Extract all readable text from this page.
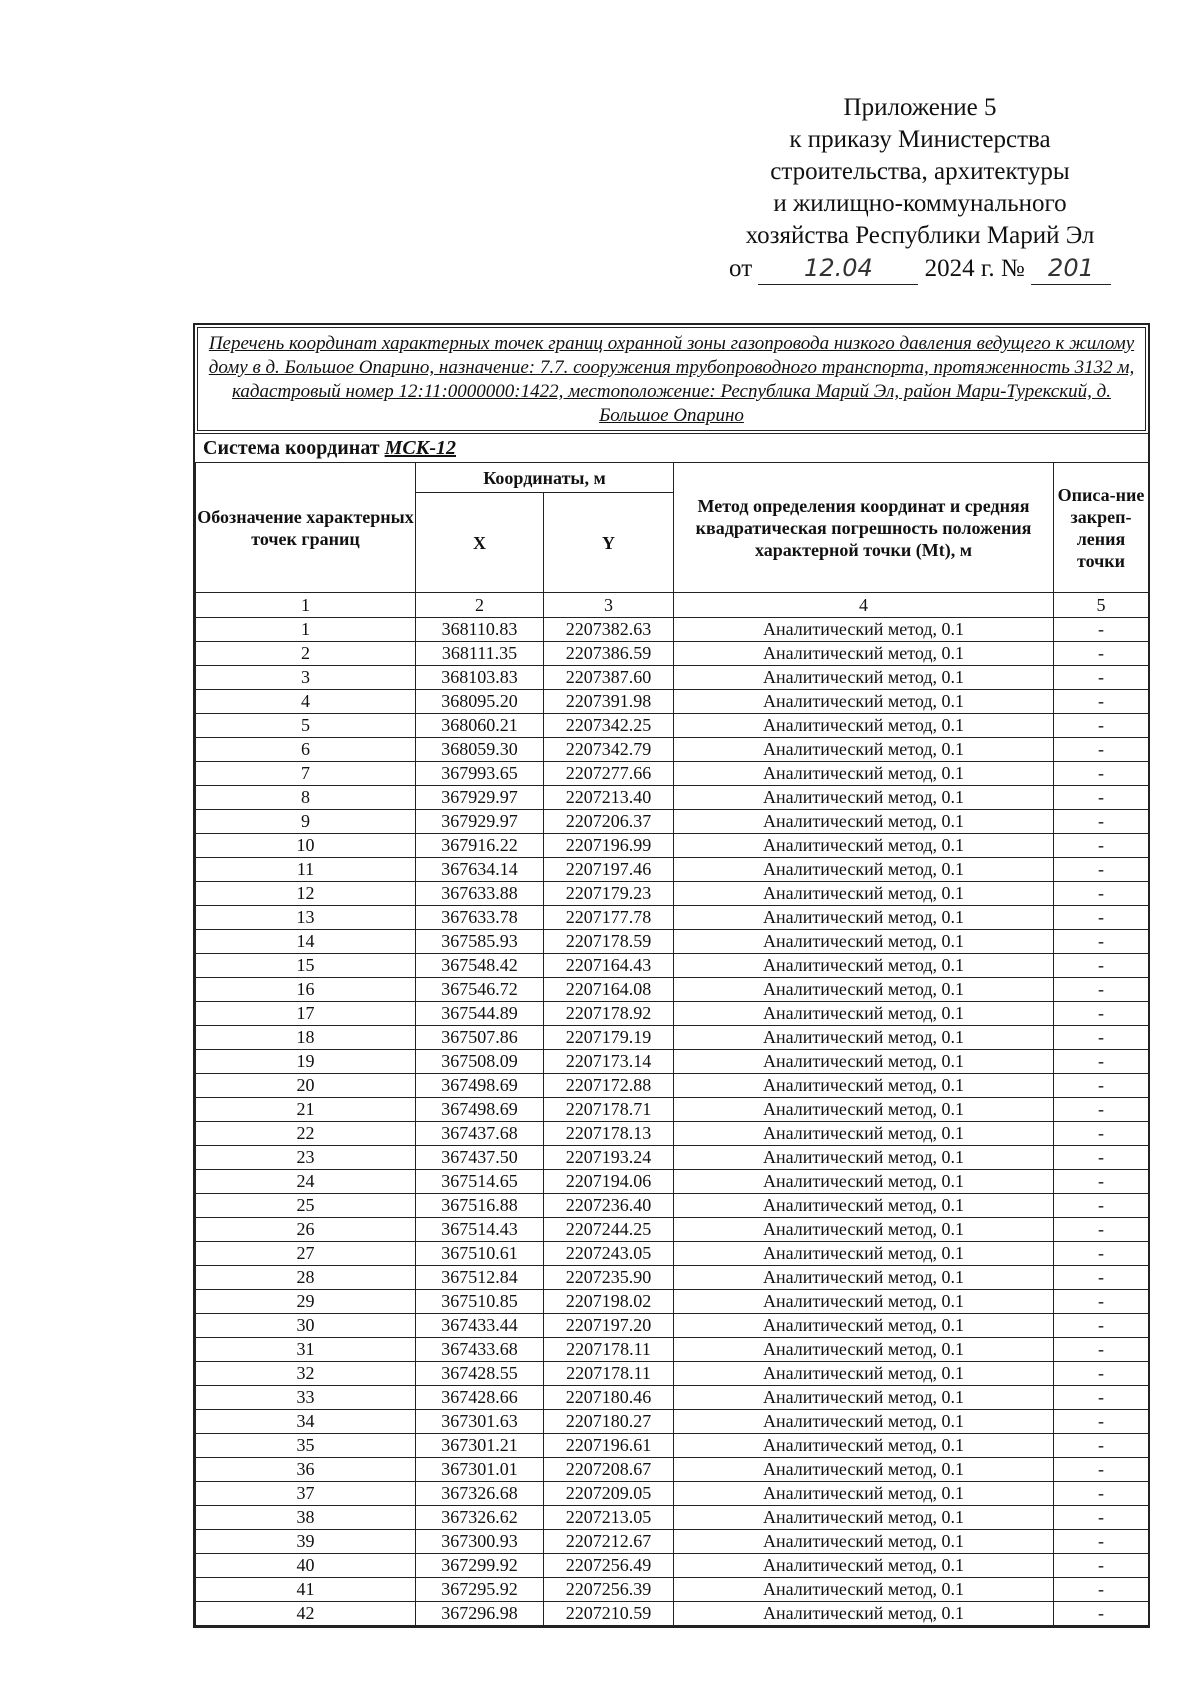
Приложение 5
к приказу Министерства
строительства, архитектуры
и жилищно-коммунального
хозяйства Республики Марий Эл
от 12.04 2024 г. № 201
Перечень координат характерных точек границ охранной зоны газопровода низкого давления ведущего к жилому дому в д. Большое Опарино, назначение: 7.7. сооружения трубопроводного транспорта, протяженность 3132 м, кадастровый номер 12:11:0000000:1422, местоположение: Республика Марий Эл, район Мари-Турекский, д. Большое Опарино
Система координат МСК-12
Обозначение характерных точек границ	Координаты, м		Метод определения координат и средняя квадратическая погрешность положения характерной точки (Mt), м	Описа-ние закреп-ления точки
	X	Y		
1	2	3	4	5
1	368110.83	2207382.63	Аналитический метод, 0.1	-
2	368111.35	2207386.59	Аналитический метод, 0.1	-
3	368103.83	2207387.60	Аналитический метод, 0.1	-
4	368095.20	2207391.98	Аналитический метод, 0.1	-
5	368060.21	2207342.25	Аналитический метод, 0.1	-
6	368059.30	2207342.79	Аналитический метод, 0.1	-
7	367993.65	2207277.66	Аналитический метод, 0.1	-
8	367929.97	2207213.40	Аналитический метод, 0.1	-
9	367929.97	2207206.37	Аналитический метод, 0.1	-
10	367916.22	2207196.99	Аналитический метод, 0.1	-
11	367634.14	2207197.46	Аналитический метод, 0.1	-
12	367633.88	2207179.23	Аналитический метод, 0.1	-
13	367633.78	2207177.78	Аналитический метод, 0.1	-
14	367585.93	2207178.59	Аналитический метод, 0.1	-
15	367548.42	2207164.43	Аналитический метод, 0.1	-
16	367546.72	2207164.08	Аналитический метод, 0.1	-
17	367544.89	2207178.92	Аналитический метод, 0.1	-
18	367507.86	2207179.19	Аналитический метод, 0.1	-
19	367508.09	2207173.14	Аналитический метод, 0.1	-
20	367498.69	2207172.88	Аналитический метод, 0.1	-
21	367498.69	2207178.71	Аналитический метод, 0.1	-
22	367437.68	2207178.13	Аналитический метод, 0.1	-
23	367437.50	2207193.24	Аналитический метод, 0.1	-
24	367514.65	2207194.06	Аналитический метод, 0.1	-
25	367516.88	2207236.40	Аналитический метод, 0.1	-
26	367514.43	2207244.25	Аналитический метод, 0.1	-
27	367510.61	2207243.05	Аналитический метод, 0.1	-
28	367512.84	2207235.90	Аналитический метод, 0.1	-
29	367510.85	2207198.02	Аналитический метод, 0.1	-
30	367433.44	2207197.20	Аналитический метод, 0.1	-
31	367433.68	2207178.11	Аналитический метод, 0.1	-
32	367428.55	2207178.11	Аналитический метод, 0.1	-
33	367428.66	2207180.46	Аналитический метод, 0.1	-
34	367301.63	2207180.27	Аналитический метод, 0.1	-
35	367301.21	2207196.61	Аналитический метод, 0.1	-
36	367301.01	2207208.67	Аналитический метод, 0.1	-
37	367326.68	2207209.05	Аналитический метод, 0.1	-
38	367326.62	2207213.05	Аналитический метод, 0.1	-
39	367300.93	2207212.67	Аналитический метод, 0.1	-
40	367299.92	2207256.49	Аналитический метод, 0.1	-
41	367295.92	2207256.39	Аналитический метод, 0.1	-
42	367296.98	2207210.59	Аналитический метод, 0.1	-
